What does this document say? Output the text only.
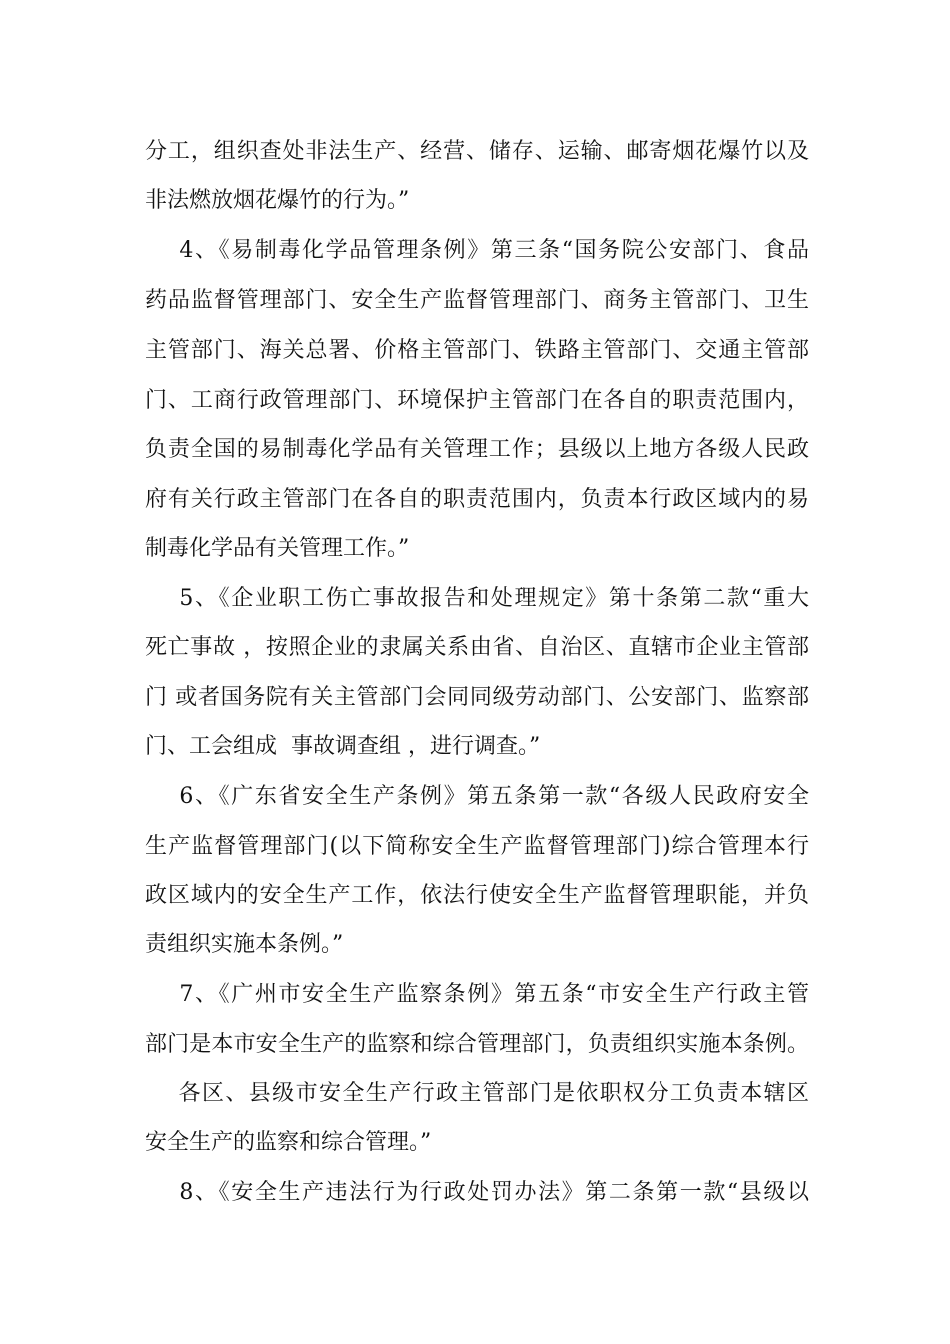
分工，组织查处非法生产、经营、储存、运输、邮寄烟花爆竹以及
非法燃放烟花爆竹的行为。”
4、《易制毒化学品管理条例》第三条“国务院公安部门、食品
药品监督管理部门、安全生产监督管理部门、商务主管部门、卫生
主管部门、海关总署、价格主管部门、铁路主管部门、交通主管部
门、工商行政管理部门、环境保护主管部门在各自的职责范围内，
负责全国的易制毒化学品有关管理工作；县级以上地方各级人民政
府有关行政主管部门在各自的职责范围内，负责本行政区域内的易
制毒化学品有关管理工作。”
5、《企业职工伤亡事故报告和处理规定》第十条第二款“重大
死亡事故 ，按照企业的隶属关系由省、自治区、直辖市企业主管部
门 或者国务院有关主管部门会同同级劳动部门、公安部门、监察部
门、工会组成  事故调查组 ，进行调查。”
6、《广东省安全生产条例》第五条第一款“各级人民政府安全
生产监督管理部门(以下简称安全生产监督管理部门)综合管理本行
政区域内的安全生产工作，依法行使安全生产监督管理职能，并负
责组织实施本条例。”
7、《广州市安全生产监察条例》第五条“市安全生产行政主管
部门是本市安全生产的监察和综合管理部门，负责组织实施本条例。
各区、县级市安全生产行政主管部门是依职权分工负责本辖区
安全生产的监察和综合管理。”
8、《安全生产违法行为行政处罚办法》第二条第一款“县级以
